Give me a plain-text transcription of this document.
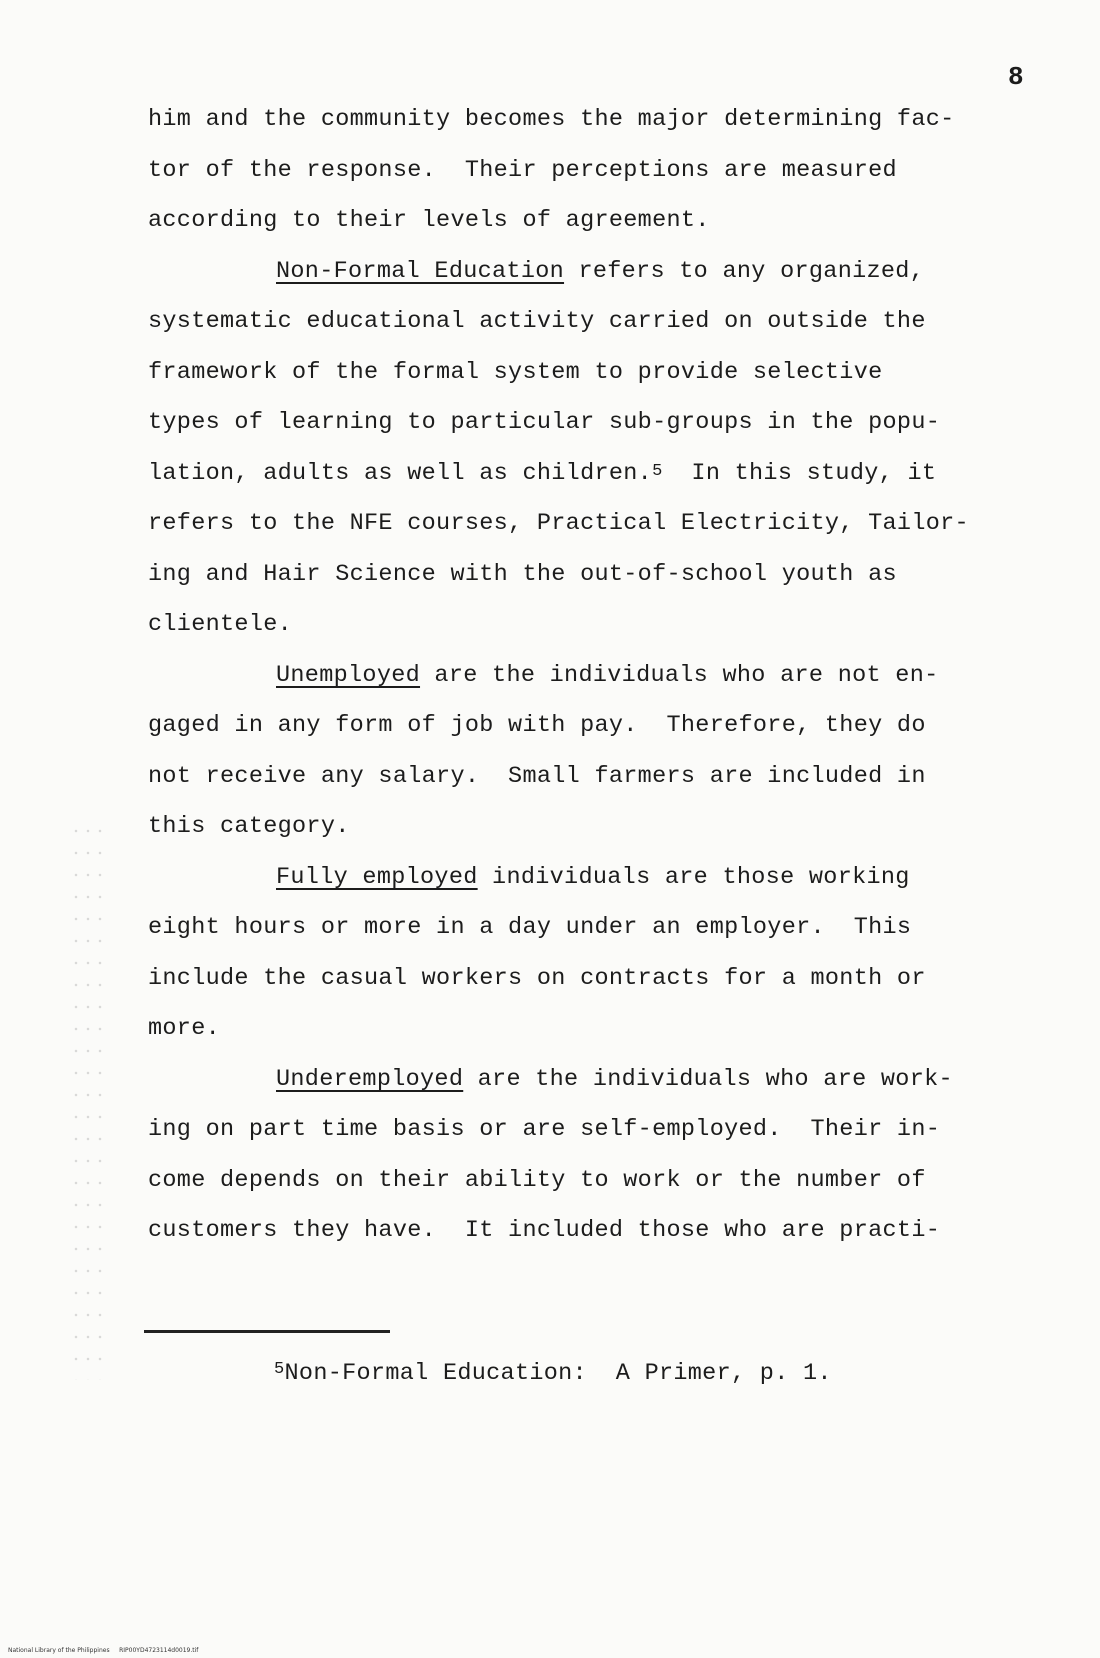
8
him and the community becomes the major determining fac-
tor of the response.  Their perceptions are measured
according to their levels of agreement.
Non-Formal Education refers to any organized,
systematic educational activity carried on outside the
framework of the formal system to provide selective
types of learning to particular sub-groups in the popu-
lation, adults as well as children.$^5$  In this study, it
refers to the NFE courses, Practical Electricity, Tailor-
ing and Hair Science with the out-of-school youth as
clientele.
Unemployed are the individuals who are not en-
gaged in any form of job with pay.  Therefore, they do
not receive any salary.  Small farmers are included in
this category.
Fully employed individuals are those working
eight hours or more in a day under an employer.  This
include the casual workers on contracts for a month or
more.
Underemployed are the individuals who are work-
ing on part time basis or are self-employed.  Their in-
come depends on their ability to work or the number of
customers they have.  It included those who are practi-
$^5$Non-Formal Education:  A Primer, p. 1.
National Library of the Philippines     RIP00YD4723114d0019.tif
